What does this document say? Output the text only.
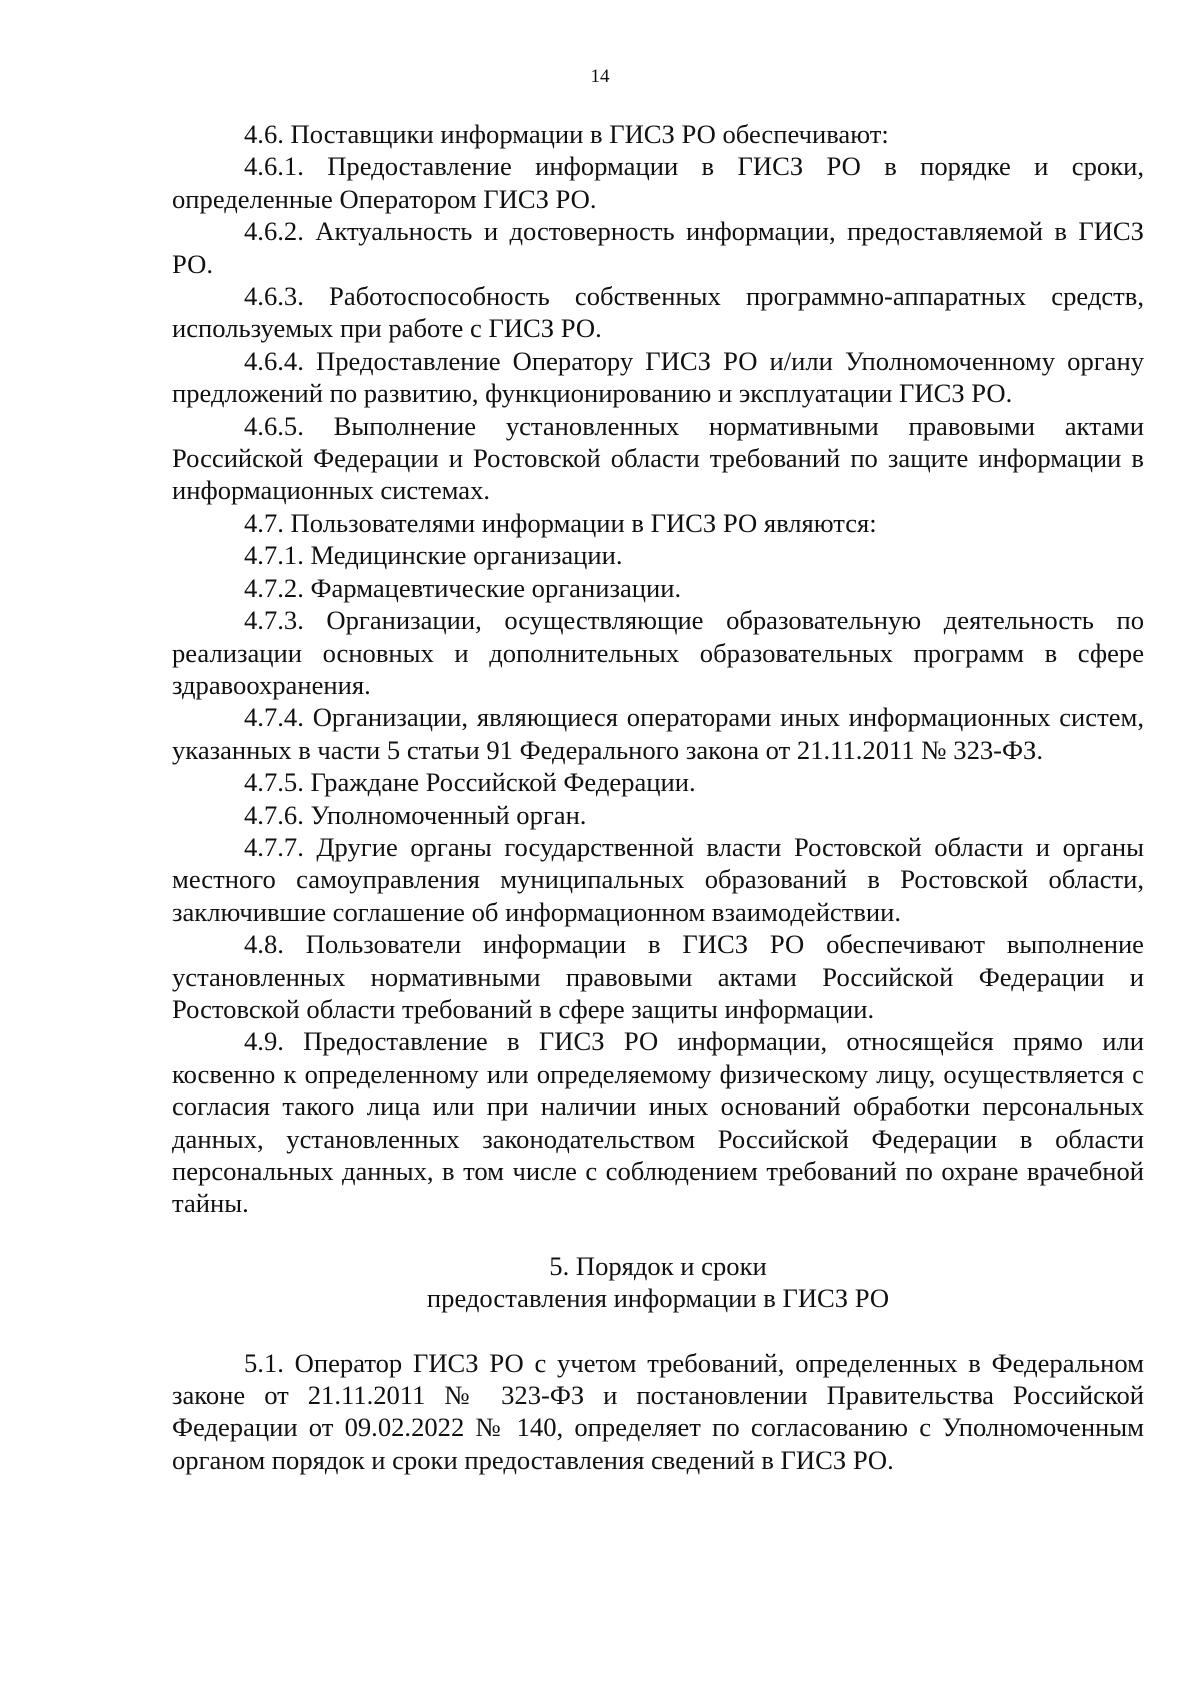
14

4.6. Поставщики информации в ГИСЗ РО обеспечивают:

4.6.1. Предоставление информации в ГИСЗ РО в порядке и сроки, определенные Оператором ГИСЗ РО.

4.6.2. Актуальность и достоверность информации, предоставляемой в ГИСЗ РО.

4.6.3. Работоспособность собственных программно-аппаратных средств, используемых при работе с ГИСЗ РО.

4.6.4. Предоставление Оператору ГИСЗ РО и/или Уполномоченному органу предложений по развитию, функционированию и эксплуатации ГИСЗ РО.

4.6.5. Выполнение установленных нормативными правовыми актами Российской Федерации и Ростовской области требований по защите информации в информационных системах.

4.7. Пользователями информации в ГИСЗ РО являются:

4.7.1. Медицинские организации.

4.7.2. Фармацевтические организации.

4.7.3. Организации, осуществляющие образовательную деятельность по реализации основных и дополнительных образовательных программ в сфере здравоохранения.

4.7.4. Организации, являющиеся операторами иных информационных систем, указанных в части 5 статьи 91 Федерального закона от 21.11.2011 № 323-ФЗ.

4.7.5. Граждане Российской Федерации.

4.7.6. Уполномоченный орган.

4.7.7. Другие органы государственной власти Ростовской области и органы местного самоуправления муниципальных образований в Ростовской области, заключившие соглашение об информационном взаимодействии.

4.8. Пользователи информации в ГИСЗ РО обеспечивают выполнение установленных нормативными правовыми актами Российской Федерации и Ростовской области требований в сфере защиты информации.

4.9. Предоставление в ГИСЗ РО информации, относящейся прямо или косвенно к определенному или определяемому физическому лицу, осуществляется с согласия такого лица или при наличии иных оснований обработки персональных данных, установленных законодательством Российской Федерации в области персональных данных, в том числе с соблюдением требований по охране врачебной тайны.

5. Порядок и сроки

предоставления информации в ГИСЗ РО

5.1. Оператор ГИСЗ РО с учетом требований, определенных в Федеральном законе от 21.11.2011 № 323-ФЗ и постановлении Правительства Российской Федерации от 09.02.2022 № 140, определяет по согласованию с Уполномоченным органом порядок и сроки предоставления сведений в ГИСЗ РО.
